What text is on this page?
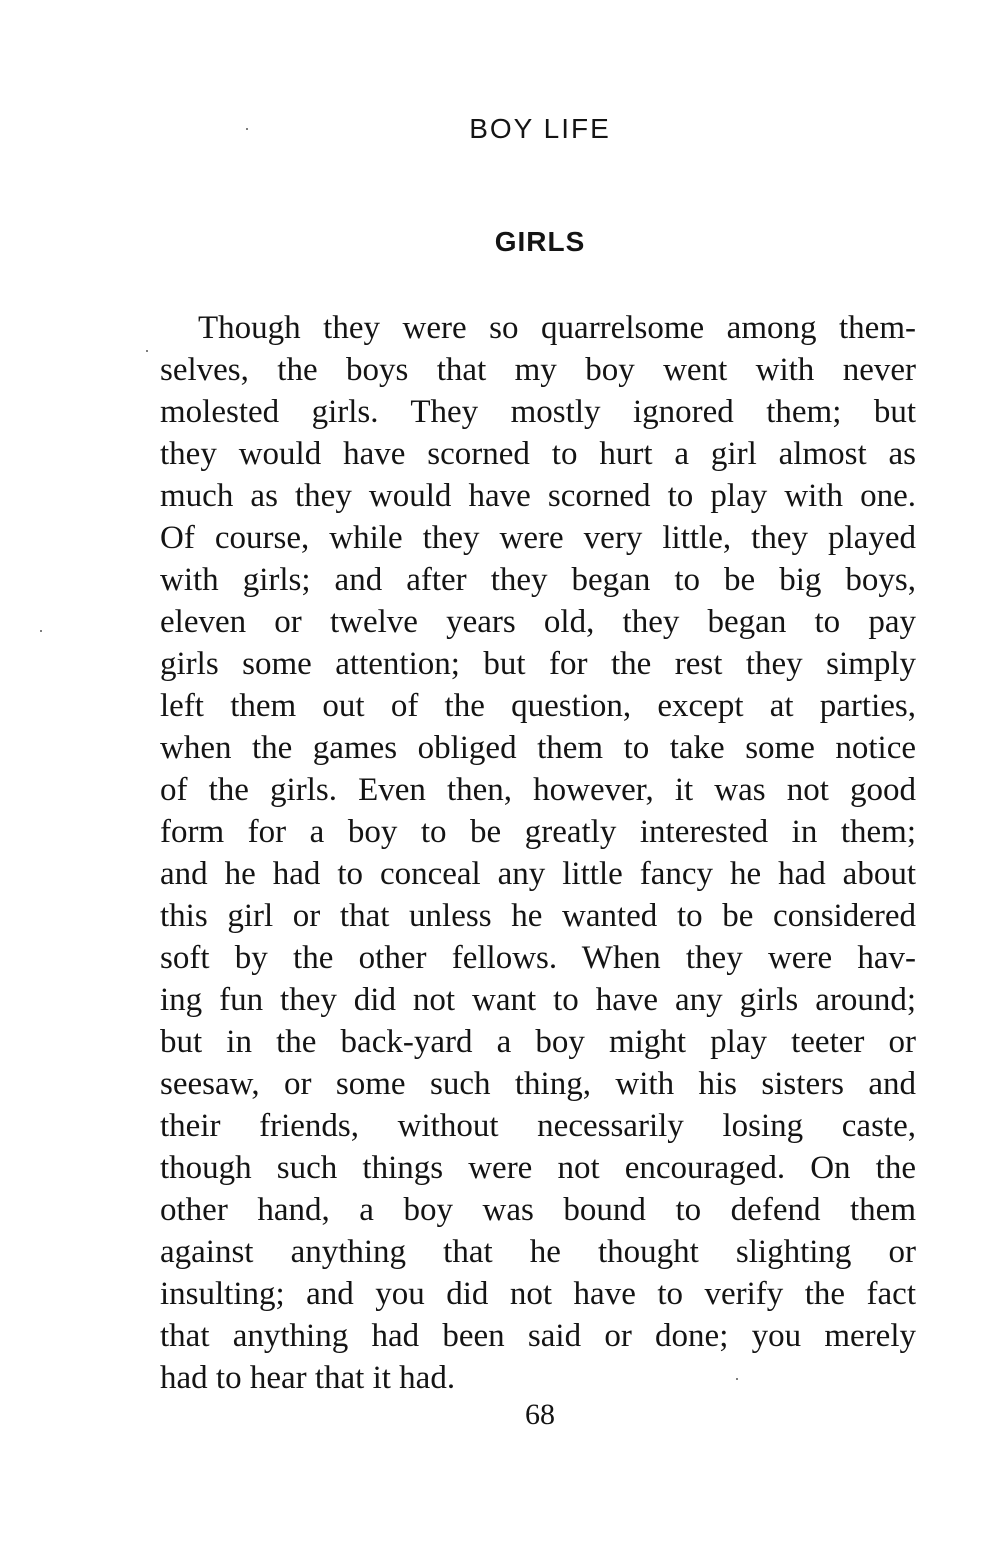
BOY LIFE
GIRLS
Though they were so quarrelsome among them-
selves, the boys that my boy went with never
molested girls. They mostly ignored them; but
they would have scorned to hurt a girl almost as
much as they would have scorned to play with one.
Of course, while they were very little, they played
with girls; and after they began to be big boys,
eleven or twelve years old, they began to pay
girls some attention; but for the rest they simply
left them out of the question, except at parties,
when the games obliged them to take some notice
of the girls. Even then, however, it was not good
form for a boy to be greatly interested in them;
and he had to conceal any little fancy he had about
this girl or that unless he wanted to be considered
soft by the other fellows. When they were hav-
ing fun they did not want to have any girls around;
but in the back-yard a boy might play teeter or
seesaw, or some such thing, with his sisters and
their friends, without necessarily losing caste,
though such things were not encouraged. On the
other hand, a boy was bound to defend them
against anything that he thought slighting or
insulting; and you did not have to verify the fact
that anything had been said or done; you merely
had to hear that it had.
68
